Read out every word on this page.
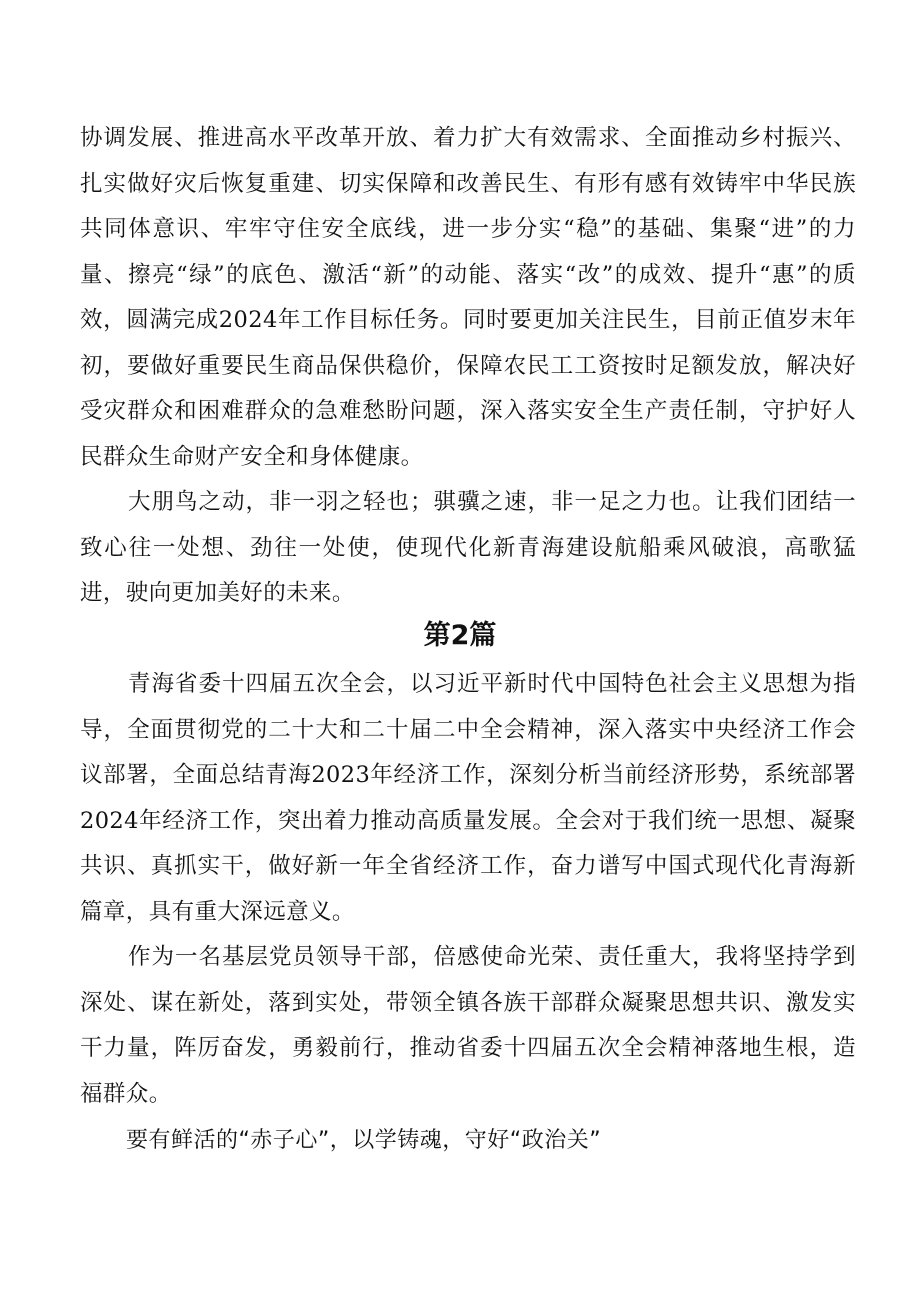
协调发展、推进高水平改革开放、着力扩大有效需求、全面推动乡村振兴、扎实做好灾后恢复重建、切实保障和改善民生、有形有感有效铸牢中华民族共同体意识、牢牢守住安全底线，进一步分实“稳”的基础、集聚“进”的力量、擦亮“绿”的底色、激活“新”的动能、落实“改”的成效、提升“惠”的质效，圆满完成2024年工作目标任务。同时要更加关注民生，目前正值岁末年初，要做好重要民生商品保供稳价，保障农民工工资按时足额发放，解决好受灾群众和困难群众的急难愁盼问题，深入落实安全生产责任制，守护好人民群众生命财产安全和身体健康。

大朋鸟之动，非一羽之轻也；骐骥之速，非一足之力也。让我们团结一致心往一处想、劲往一处使，使现代化新青海建设航船乘风破浪，高歌猛进，驶向更加美好的未来。

第2篇

青海省委十四届五次全会，以习近平新时代中国特色社会主义思想为指导，全面贯彻党的二十大和二十届二中全会精神，深入落实中央经济工作会议部署，全面总结青海2023年经济工作，深刻分析当前经济形势，系统部署2024年经济工作，突出着力推动高质量发展。全会对于我们统一思想、凝聚共识、真抓实干，做好新一年全省经济工作，奋力谱写中国式现代化青海新篇章，具有重大深远意义。

作为一名基层党员领导干部，倍感使命光荣、责任重大，我将坚持学到深处、谋在新处，落到实处，带领全镇各族干部群众凝聚思想共识、激发实干力量，阵厉奋发，勇毅前行，推动省委十四届五次全会精神落地生根，造福群众。

要有鲜活的“赤子心”，以学铸魂，守好“政治关”
